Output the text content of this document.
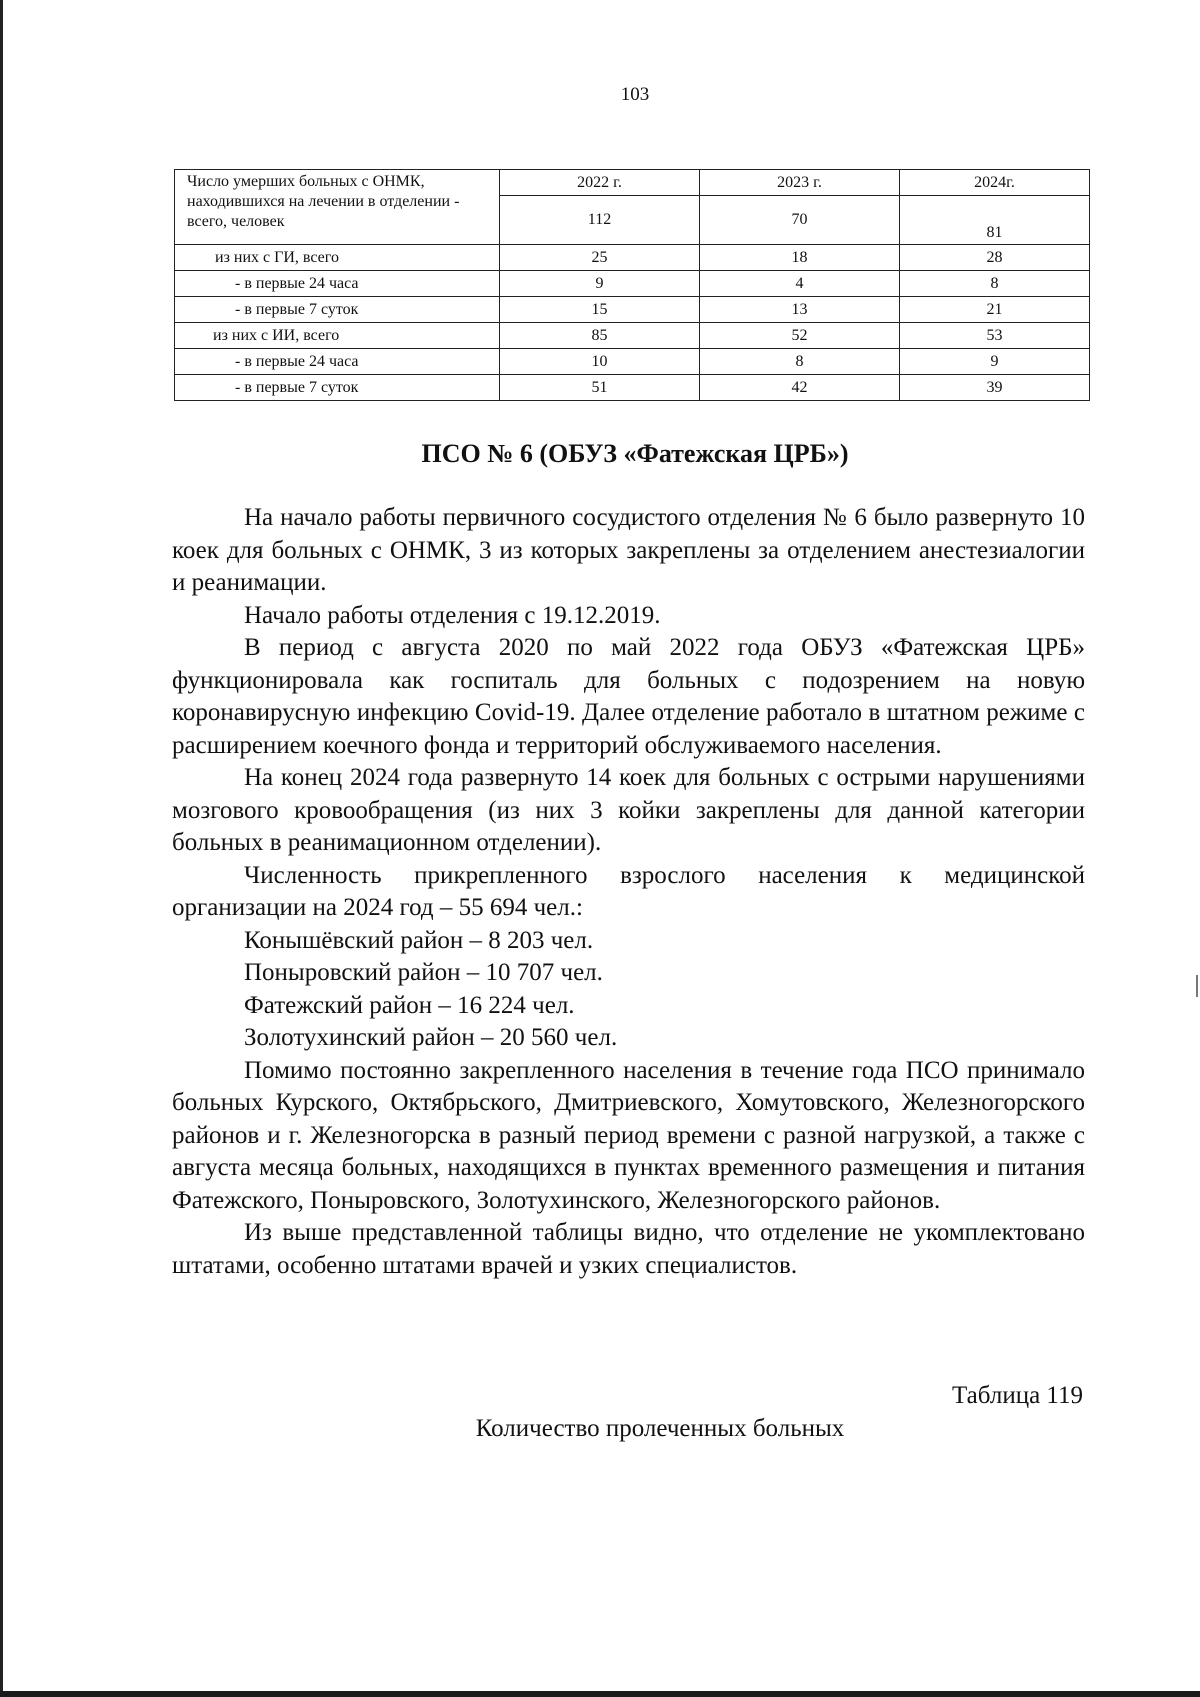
103
Число умерших больных с ОНМК,
находившихся на лечении в отделении - всего, человек	2022 г.	2023 г.	2024г.
	112	70	81
из них с ГИ, всего	25	18	28
- в первые 24 часа	9	4	8
- в первые 7 суток	15	13	21
из них с ИИ, всего	85	52	53
- в первые 24 часа	10	8	9
- в первые 7 суток	51	42	39
ПСО № 6 (ОБУЗ «Фатежская ЦРБ»)

На начало работы первичного сосудистого отделения № 6 было развернуто 10 коек для больных с ОНМК, 3 из которых закреплены за отделением анестезиалогии и реанимации.

Начало работы отделения с 19.12.2019.

В период с августа 2020 по май 2022 года ОБУЗ «Фатежская ЦРБ» функционировала как госпиталь для больных с подозрением на новую коронавирусную инфекцию Covid-19. Далее отделение работало в штатном режиме с расширением коечного фонда и территорий обслуживаемого населения.

На конец 2024 года развернуто 14 коек для больных с острыми нарушениями мозгового кровообращения (из них 3 койки закреплены для данной категории больных в реанимационном отделении).

Численность прикрепленного взрослого населения к медицинской организации на 2024 год – 55 694 чел.:

Конышёвский район – 8 203 чел.

Поныровский район – 10 707 чел.

Фатежский район – 16 224 чел.

Золотухинский район – 20 560 чел.

Помимо постоянно закрепленного населения в течение года ПСО принимало больных Курского, Октябрьского, Дмитриевского, Хомутовского, Железногорского районов и г. Железногорска в разный период времени с разной нагрузкой, а также с августа месяца больных, находящихся в пунктах временного размещения и питания Фатежского, Поныровского, Золотухинского, Железногорского районов.

Из выше представленной таблицы видно, что отделение не укомплектовано штатами, особенно штатами врачей и узких специалистов.

Таблица 119
Количество пролеченных больных
